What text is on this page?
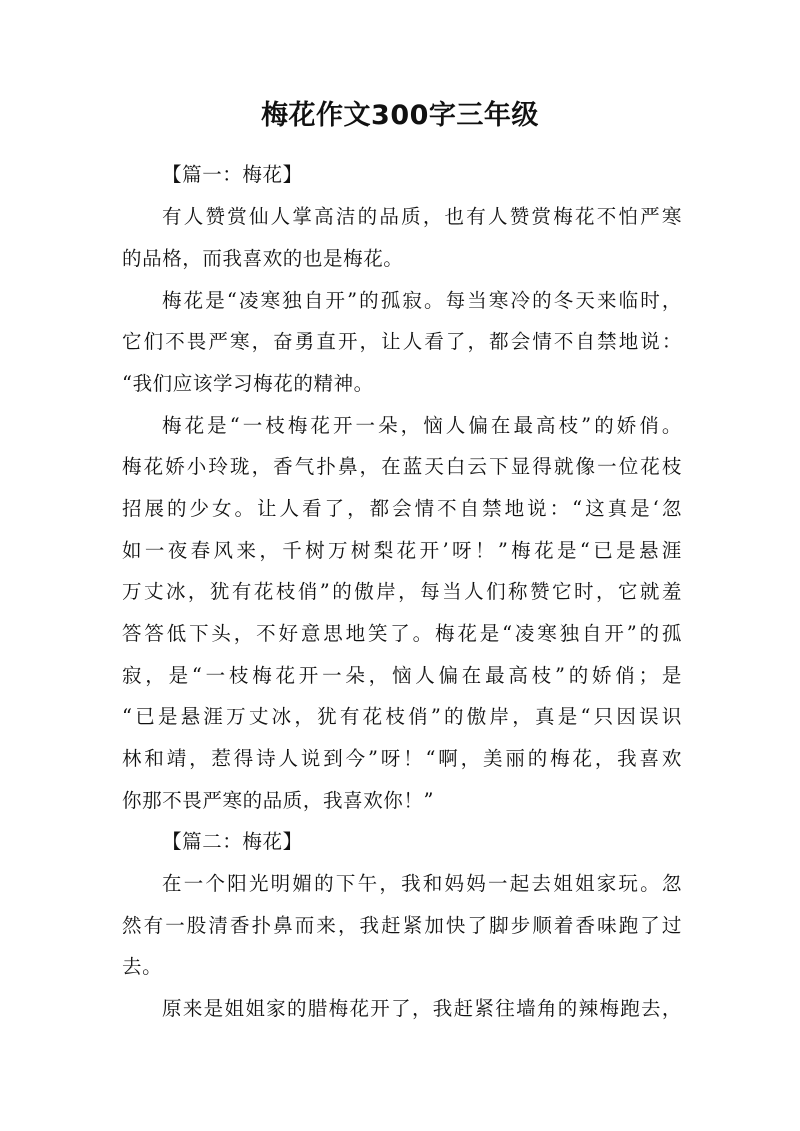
梅花作文300字三年级
【篇一：梅花】
有人赞赏仙人掌高洁的品质，也有人赞赏梅花不怕严寒
的品格，而我喜欢的也是梅花。
梅花是“凌寒独自开”的孤寂。每当寒冷的冬天来临时，
它们不畏严寒，奋勇直开，让人看了，都会情不自禁地说：
“我们应该学习梅花的精神。
梅花是“一枝梅花开一朵，恼人偏在最高枝”的娇俏。
梅花娇小玲珑，香气扑鼻，在蓝天白云下显得就像一位花枝
招展的少女。让人看了，都会情不自禁地说：“这真是‘忽
如一夜春风来，千树万树梨花开’呀！”梅花是“已是悬涯
万丈冰，犹有花枝俏”的傲岸，每当人们称赞它时，它就羞
答答低下头，不好意思地笑了。梅花是“凌寒独自开”的孤
寂，是“一枝梅花开一朵，恼人偏在最高枝”的娇俏；是
“已是悬涯万丈冰，犹有花枝俏”的傲岸，真是“只因误识
林和靖，惹得诗人说到今”呀！“啊，美丽的梅花，我喜欢
你那不畏严寒的品质，我喜欢你！”
【篇二：梅花】
在一个阳光明媚的下午，我和妈妈一起去姐姐家玩。忽
然有一股清香扑鼻而来，我赶紧加快了脚步顺着香味跑了过
去。
原来是姐姐家的腊梅花开了，我赶紧往墙角的辣梅跑去，
